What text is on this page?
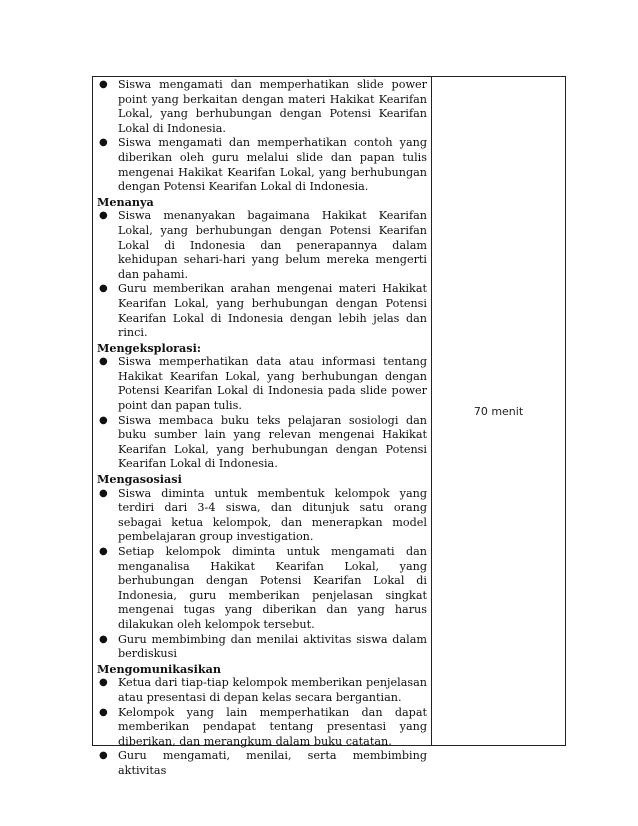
● Siswa mengamati dan memperhatikan slide power point yang berkaitan dengan materi Hakikat Kearifan Lokal, yang berhubungan dengan Potensi Kearifan Lokal di Indonesia.
● Siswa mengamati dan memperhatikan contoh yang diberikan oleh guru melalui slide dan papan tulis mengenai Hakikat Kearifan Lokal, yang berhubungan dengan Potensi Kearifan Lokal di Indonesia.

Menanya

● Siswa menanyakan bagaimana Hakikat Kearifan Lokal, yang berhubungan dengan Potensi Kearifan Lokal di Indonesia dan penerapannya dalam kehidupan sehari-hari yang belum mereka mengerti dan pahami.
● Guru memberikan arahan mengenai materi Hakikat Kearifan Lokal, yang berhubungan dengan Potensi Kearifan Lokal di Indonesia dengan lebih jelas dan rinci.

Mengeksplorasi:

● Siswa memperhatikan data atau informasi tentang Hakikat Kearifan Lokal, yang berhubungan dengan Potensi Kearifan Lokal di Indonesia pada slide power point dan papan tulis.
● Siswa membaca buku teks pelajaran sosiologi dan buku sumber lain yang relevan mengenai Hakikat Kearifan Lokal, yang berhubungan dengan Potensi Kearifan Lokal di Indonesia.

Mengasosiasi

● Siswa diminta untuk membentuk kelompok yang terdiri dari 3-4 siswa, dan ditunjuk satu orang sebagai ketua kelompok, dan menerapkan model pembelajaran group investigation.
● Setiap kelompok diminta untuk mengamati dan menganalisa Hakikat Kearifan Lokal, yang berhubungan dengan Potensi Kearifan Lokal di Indonesia, guru memberikan penjelasan singkat mengenai tugas yang diberikan dan yang harus dilakukan oleh kelompok tersebut.
● Guru membimbing dan menilai aktivitas siswa dalam berdiskusi

Mengomunikasikan

● Ketua dari tiap-tiap kelompok memberikan penjelasan atau presentasi di depan kelas secara bergantian.
● Kelompok yang lain memperhatikan dan dapat memberikan pendapat tentang presentasi yang diberikan, dan merangkum dalam buku catatan.
● Guru mengamati, menilai, serta membimbing aktivitas
70 menit
